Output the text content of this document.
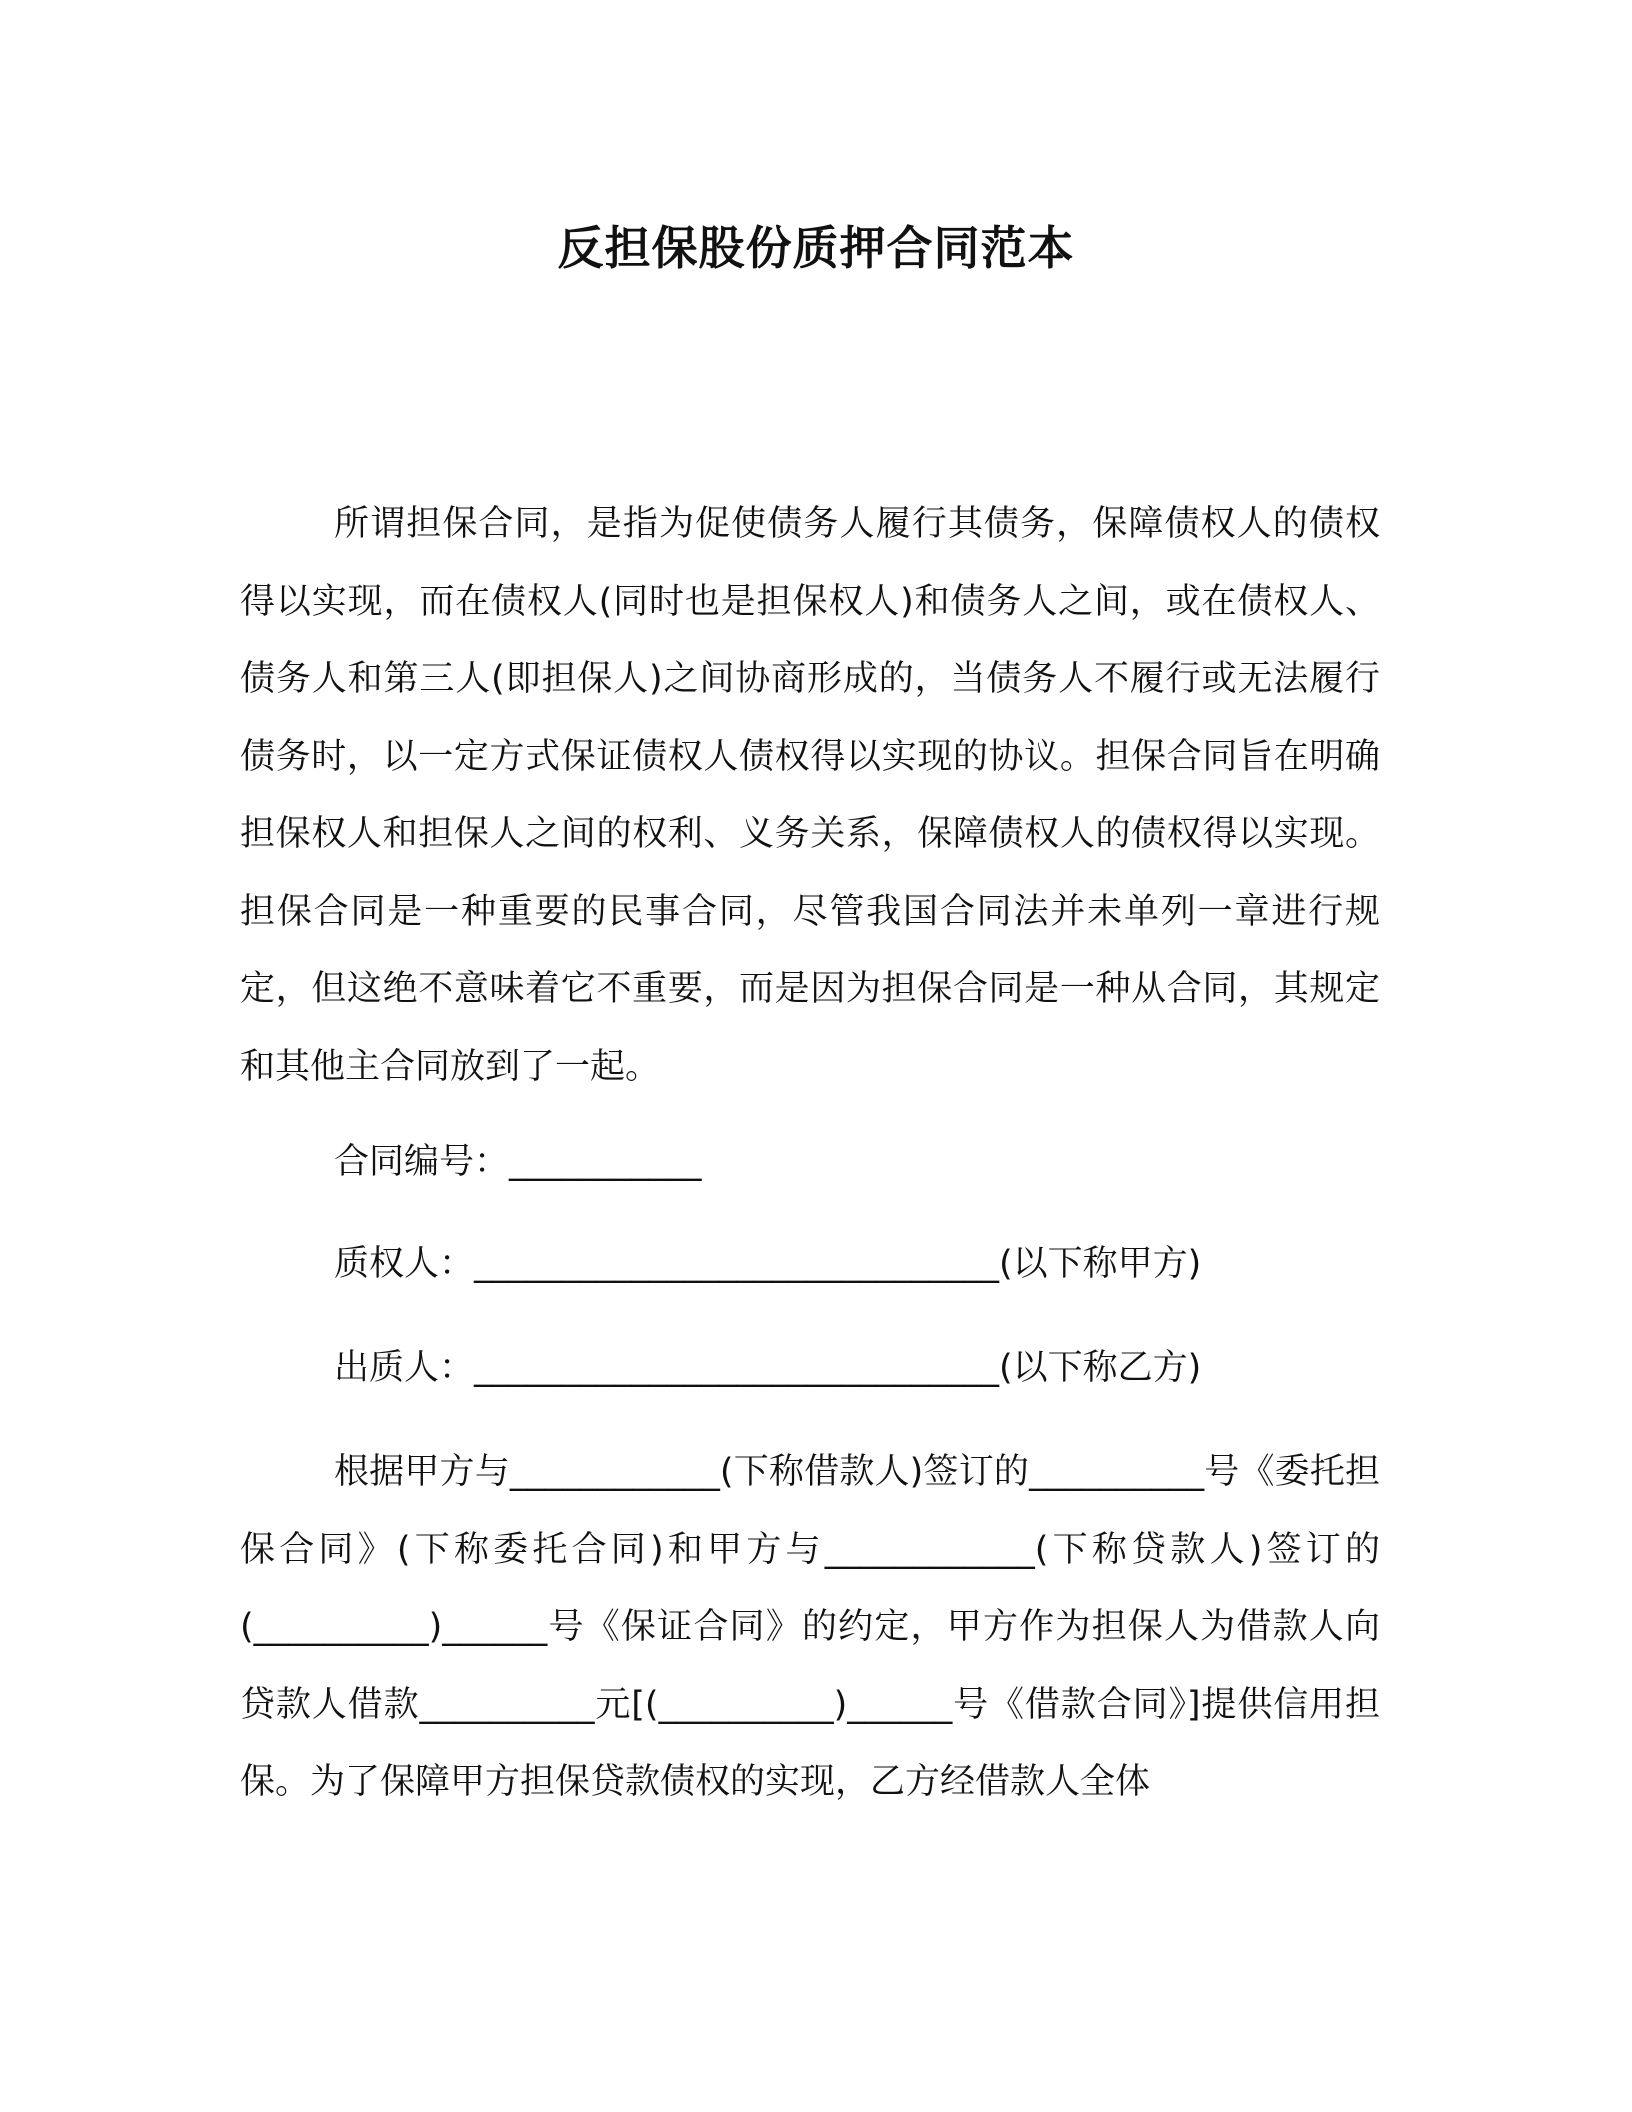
反担保股份质押合同范本

所谓担保合同，是指为促使债务人履行其债务，保障债权人的债权得以实现，而在债权人(同时也是担保权人)和债务人之间，或在债权人、债务人和第三人(即担保人)之间协商形成的，当债务人不履行或无法履行债务时，以一定方式保证债权人债权得以实现的协议。担保合同旨在明确担保权人和担保人之间的权利、义务关系，保障债权人的债权得以实现。担保合同是一种重要的民事合同，尽管我国合同法并未单列一章进行规定，但这绝不意味着它不重要，而是因为担保合同是一种从合同，其规定和其他主合同放到了一起。

合同编号：___________

质权人：______________________________(以下称甲方)

出质人：______________________________(以下称乙方)

根据甲方与____________(下称借款人)签订的__________号《委托担保合同》(下称委托合同)和甲方与____________(下称贷款人)签订的(__________)______号《保证合同》的约定，甲方作为担保人为借款人向贷款人借款__________元[(__________)______号《借款合同》]提供信用担保。为了保障甲方担保贷款债权的实现，乙方经借款人全体
